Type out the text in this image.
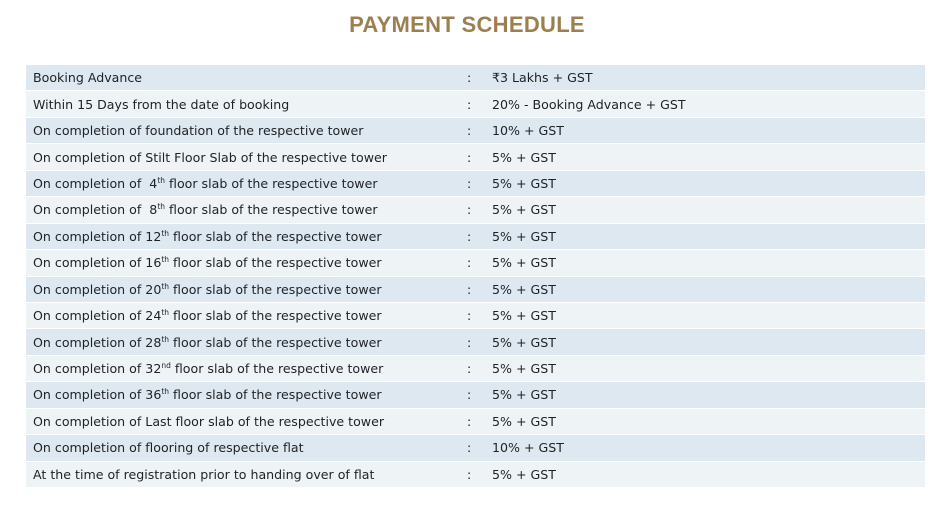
PAYMENT SCHEDULE
Booking Advance	:	₹3 Lakhs + GST
Within 15 Days from the date of booking	:	20% - Booking Advance + GST
On completion of foundation of the respective tower	:	10% + GST
On completion of Stilt Floor Slab of the respective tower	:	5% + GST
On completion of  4th floor slab of the respective tower	:	5% + GST
On completion of  8th floor slab of the respective tower	:	5% + GST
On completion of 12th floor slab of the respective tower	:	5% + GST
On completion of 16th floor slab of the respective tower	:	5% + GST
On completion of 20th floor slab of the respective tower	:	5% + GST
On completion of 24th floor slab of the respective tower	:	5% + GST
On completion of 28th floor slab of the respective tower	:	5% + GST
On completion of 32nd floor slab of the respective tower	:	5% + GST
On completion of 36th floor slab of the respective tower	:	5% + GST
On completion of Last floor slab of the respective tower	:	5% + GST
On completion of flooring of respective flat	:	10% + GST
At the time of registration prior to handing over of flat	:	5% + GST
